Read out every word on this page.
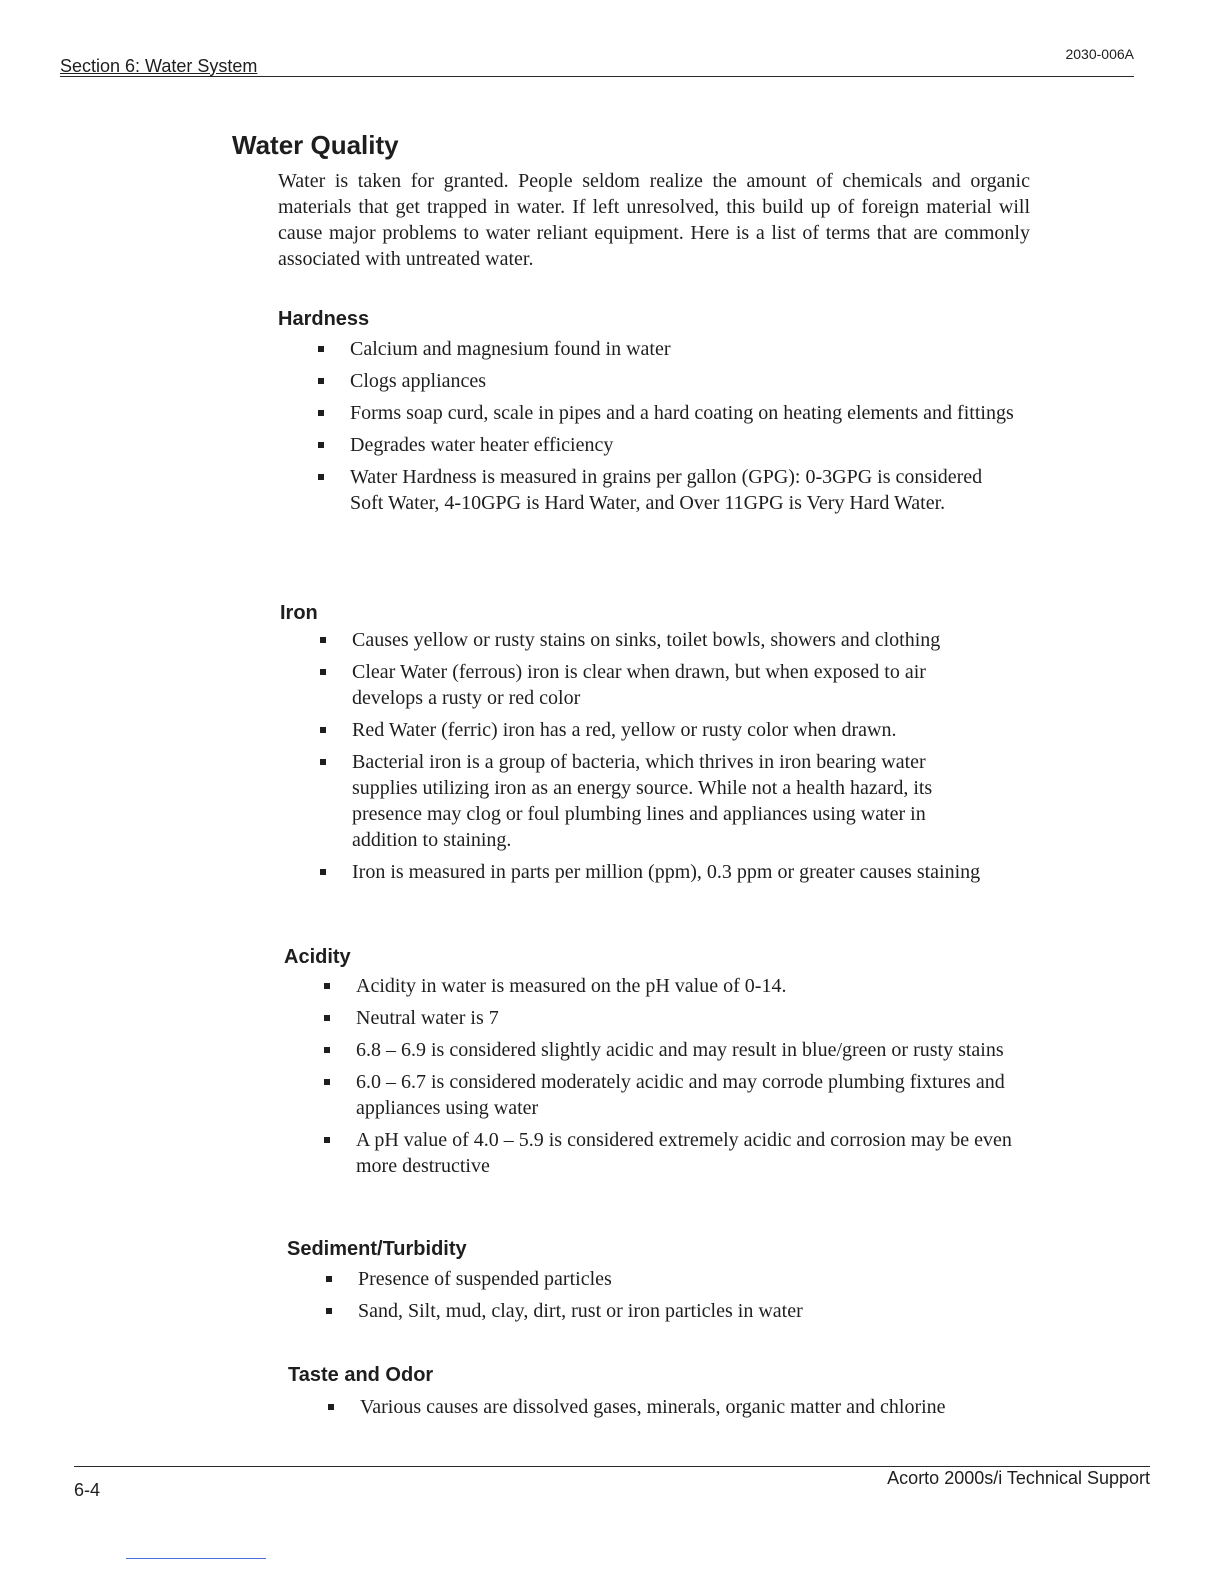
Section 6: Water System
2030-006A
Water Quality

Water is taken for granted. People seldom realize the amount of chemicals and organic materials that get trapped in water. If left unresolved, this build up of foreign material will cause major problems to water reliant equipment. Here is a list of terms that are commonly associated with untreated water.

Hardness
Calcium and magnesium found in water
Clogs appliances
Forms soap curd, scale in pipes and a hard coating on heating elements and fittings
Degrades water heater efficiency
Water Hardness is measured in grains per gallon (GPG): 0-3GPG is considered Soft Water, 4-10GPG is Hard Water, and Over 11GPG is Very Hard Water.
Iron
Causes yellow or rusty stains on sinks, toilet bowls, showers and clothing
Clear Water (ferrous) iron is clear when drawn, but when exposed to air develops a rusty or red color
Red Water (ferric) iron has a red, yellow or rusty color when drawn.
Bacterial iron is a group of bacteria, which thrives in iron bearing water supplies utilizing iron as an energy source. While not a health hazard, its presence may clog or foul plumbing lines and appliances using water in addition to staining.
Iron is measured in parts per million (ppm), 0.3 ppm or greater causes staining
Acidity
Acidity in water is measured on the pH value of 0-14.
Neutral water is 7
6.8 – 6.9 is considered slightly acidic and may result in blue/green or rusty stains
6.0 – 6.7 is considered moderately acidic and may corrode plumbing fixtures and appliances using water
A pH value of 4.0 – 5.9 is considered extremely acidic and corrosion may be even more destructive
Sediment/Turbidity
Presence of suspended particles
Sand, Silt, mud, clay, dirt, rust or iron particles in water
Taste and Odor
Various causes are dissolved gases, minerals, organic matter and chlorine
6-4
Acorto 2000s/i Technical Support
